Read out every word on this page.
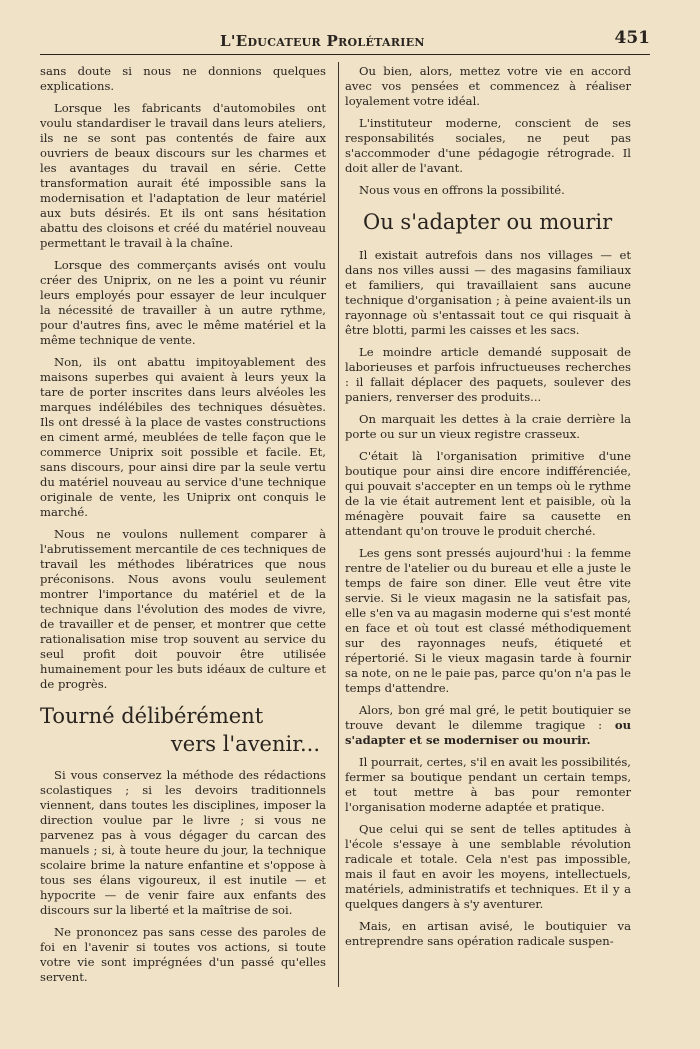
L'Educateur Prolétarien	451

sans doute si nous ne donnions quelques explications.

Lorsque les fabricants d'automobiles ont voulu standardiser le travail dans leurs ateliers, ils ne se sont pas contentés de faire aux ouvriers de beaux discours sur les charmes et les avantages du travail en série. Cette transformation aurait été impossible sans la modernisation et l'adaptation de leur matériel aux buts désirés. Et ils ont sans hésitation abattu des cloisons et créé du matériel nouveau permettant le travail à la chaîne.

Lorsque des commerçants avisés ont voulu créer des Uniprix, on ne les a point vu réunir leurs employés pour essayer de leur inculquer la nécessité de travailler à un autre rythme, pour d'autres fins, avec le même matériel et la même technique de vente.

Non, ils ont abattu impitoyablement des maisons superbes qui avaient à leurs yeux la tare de porter inscrites dans leurs alvéoles les marques indélébiles des techniques désuètes. Ils ont dressé à la place de vastes constructions en ciment armé, meublées de telle façon que le commerce Uniprix soit possible et facile. Et, sans discours, pour ainsi dire par la seule vertu du matériel nouveau au service d'une technique originale de vente, les Uniprix ont conquis le marché.

Nous ne voulons nullement comparer à l'abrutissement mercantile de ces techniques de travail les méthodes libératrices que nous préconisons. Nous avons voulu seulement montrer l'importance du matériel et de la technique dans l'évolution des modes de vivre, de travailler et de penser, et montrer que cette rationalisation mise trop souvent au service du seul profit doit pouvoir être utilisée humainement pour les buts idéaux de culture et de progrès.

Tourné délibérément
vers l'avenir...

Si vous conservez la méthode des rédactions scolastiques ; si les devoirs traditionnels viennent, dans toutes les disciplines, imposer la direction voulue par le livre ; si vous ne parvenez pas à vous dégager du carcan des manuels ; si, à toute heure du jour, la technique scolaire brime la nature enfantine et s'oppose à tous ses élans vigoureux, il est inutile — et hypocrite — de venir faire aux enfants des discours sur la liberté et la maîtrise de soi.

Ne prononcez pas sans cesse des paroles de foi en l'avenir si toutes vos actions, si toute votre vie sont imprégnées d'un passé qu'elles servent.

Ou bien, alors, mettez votre vie en accord avec vos pensées et commencez à réaliser loyalement votre idéal.

L'instituteur moderne, conscient de ses responsabilités sociales, ne peut pas s'accommoder d'une pédagogie rétrograde. Il doit aller de l'avant.

Nous vous en offrons la possibilité.

Ou s'adapter ou mourir

Il existait autrefois dans nos villages — et dans nos villes aussi — des magasins familiaux et familiers, qui travaillaient sans aucune technique d'organisation ; à peine avaient-ils un rayonnage où s'entassait tout ce qui risquait à être blotti, parmi les caisses et les sacs.

Le moindre article demandé supposait de laborieuses et parfois infructueuses recherches : il fallait déplacer des paquets, soulever des paniers, renverser des produits...

On marquait les dettes à la craie derrière la porte ou sur un vieux registre crasseux.

C'était là l'organisation primitive d'une boutique pour ainsi dire encore indifférenciée, qui pouvait s'accepter en un temps où le rythme de la vie était autrement lent et paisible, où la ménagère pouvait faire sa causette en attendant qu'on trouve le produit cherché.

Les gens sont pressés aujourd'hui : la femme rentre de l'atelier ou du bureau et elle a juste le temps de faire son diner. Elle veut être vite servie. Si le vieux magasin ne la satisfait pas, elle s'en va au magasin moderne qui s'est monté en face et où tout est classé méthodiquement sur des rayonnages neufs, étiqueté et répertorié. Si le vieux magasin tarde à fournir sa note, on ne le paie pas, parce qu'on n'a pas le temps d'attendre.

Alors, bon gré mal gré, le petit boutiquier se trouve devant le dilemme tragique : ou s'adapter et se moderniser ou mourir.

Il pourrait, certes, s'il en avait les possibilités, fermer sa boutique pendant un certain temps, et tout mettre à bas pour remonter l'organisation moderne adaptée et pratique.

Que celui qui se sent de telles aptitudes à l'école s'essaye à une semblable révolution radicale et totale. Cela n'est pas impossible, mais il faut en avoir les moyens, intellectuels, matériels, administratifs et techniques. Et il y a quelques dangers à s'y aventurer.

Mais, en artisan avisé, le boutiquier va entreprendre sans opération radicale suspen-
